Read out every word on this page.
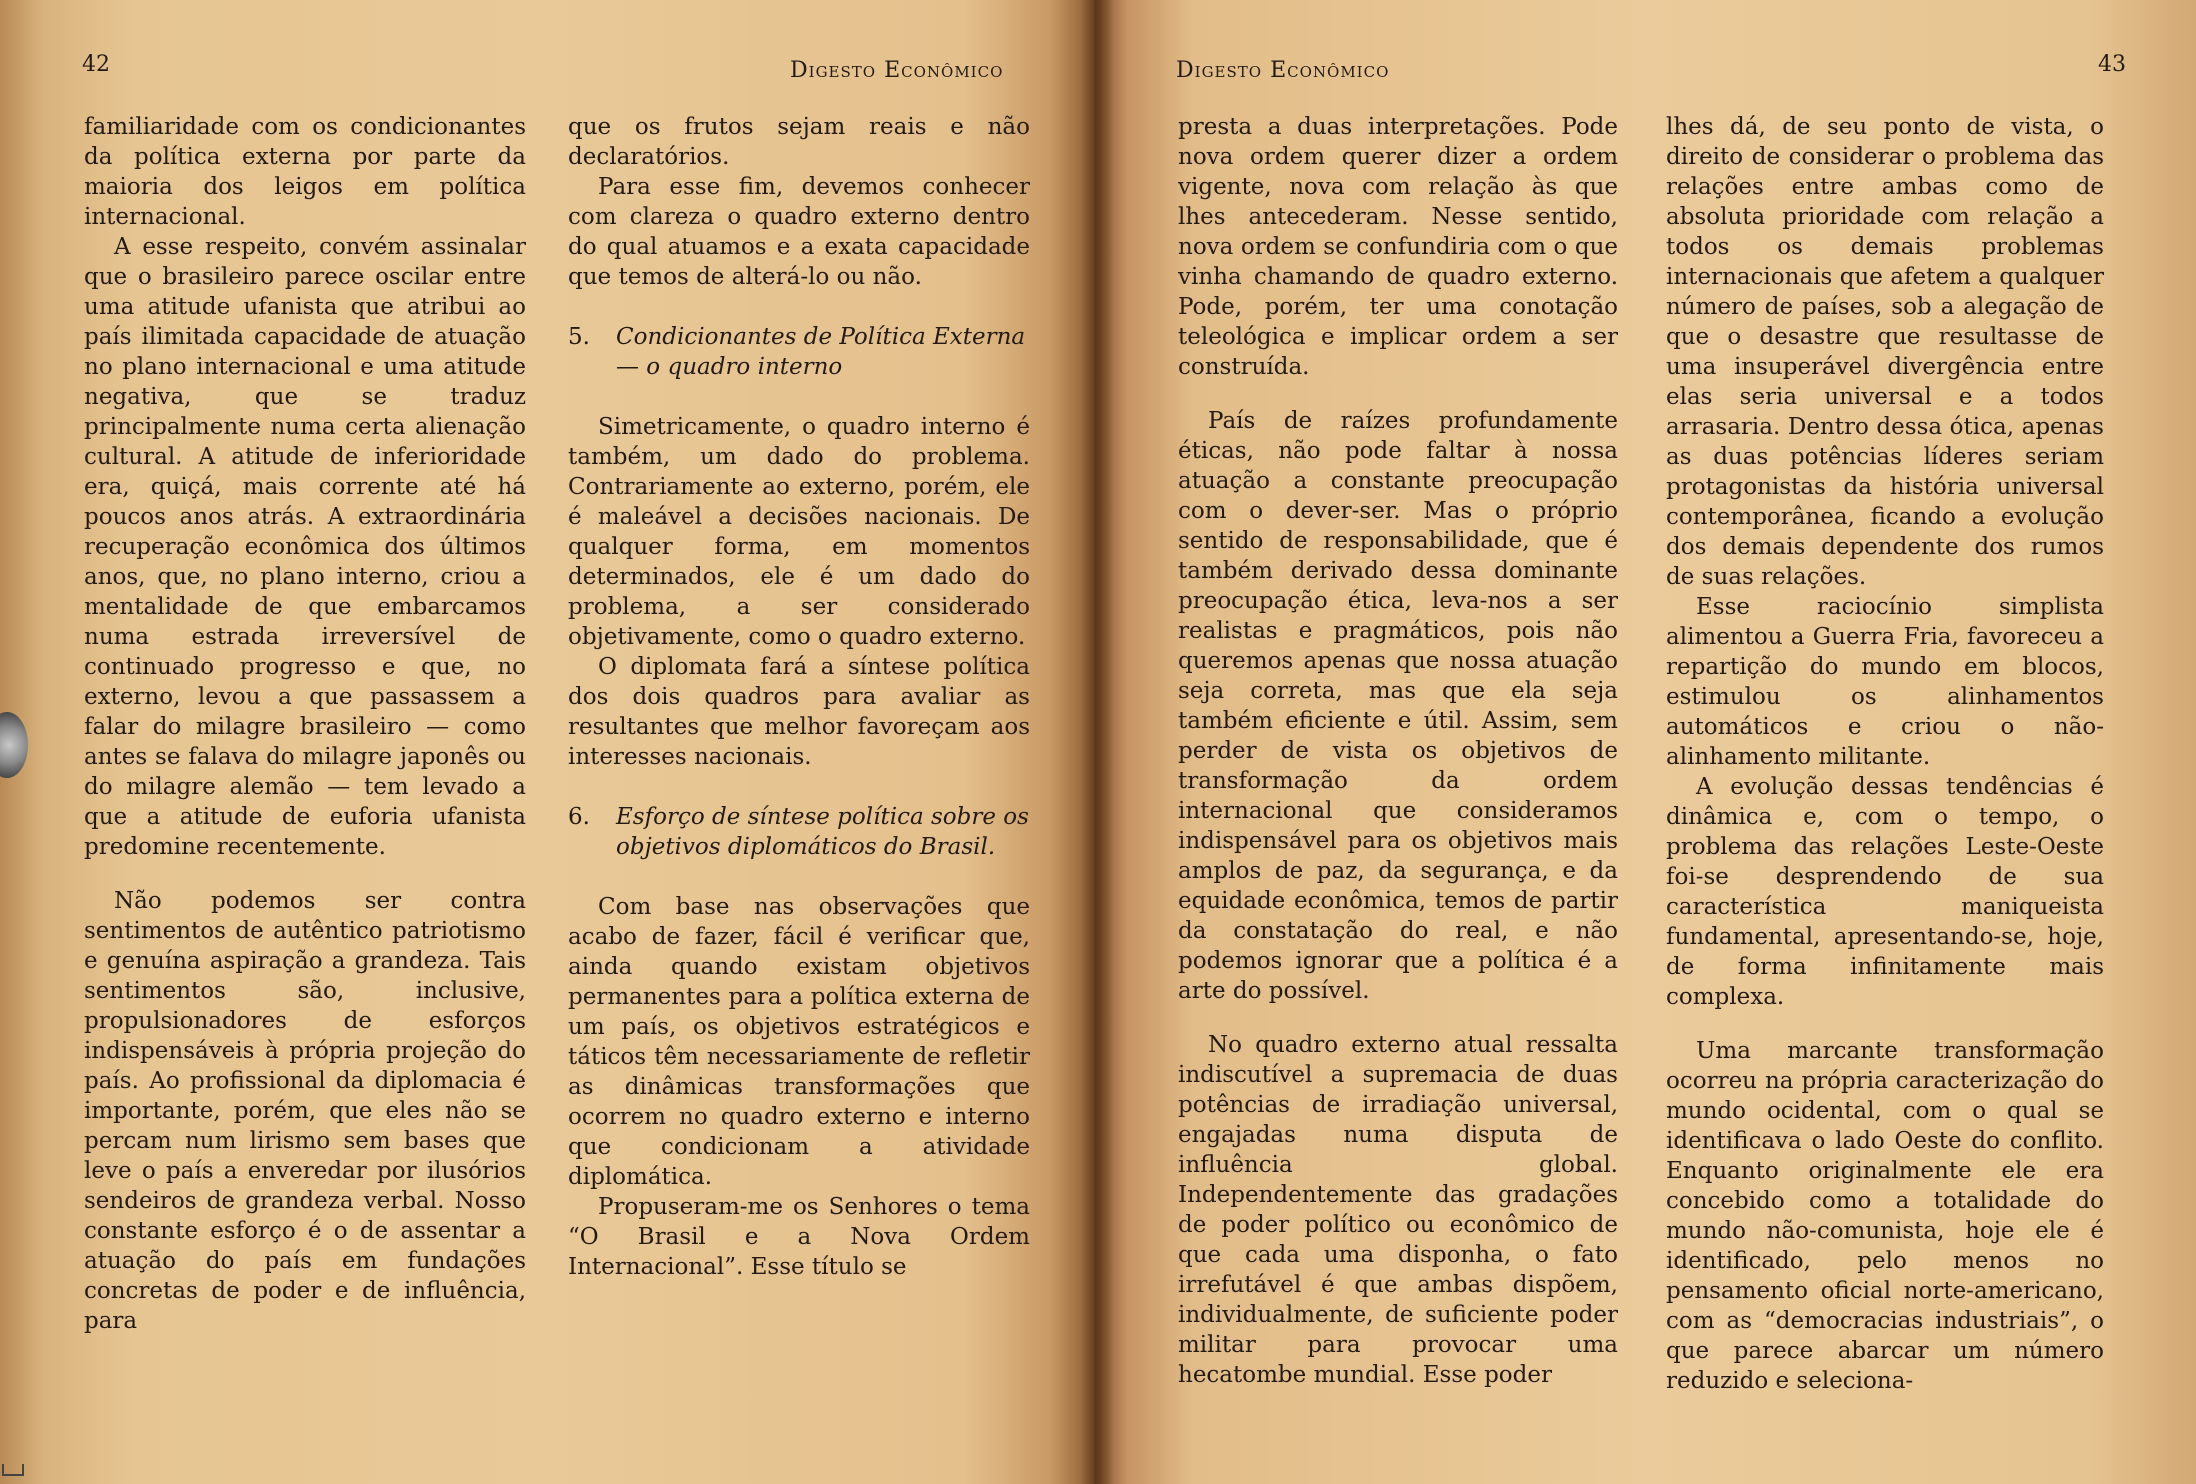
42	Digesto Econômico

familiaridade com os condicionantes da política externa por parte da maioria dos leigos em política internacional.

A esse respeito, convém assinalar que o brasileiro parece oscilar entre uma atitude ufanista que atribui ao país ilimitada capacidade de atuação no plano internacional e uma atitude negativa, que se traduz principalmente numa certa alienação cultural. A atitude de inferioridade era, quiçá, mais corrente até há poucos anos atrás. A extraordinária recuperação econômica dos últimos anos, que, no plano interno, criou a mentalidade de que embarcamos numa estrada irreversível de continuado progresso e que, no externo, levou a que passassem a falar do milagre brasileiro — como antes se falava do milagre japonês ou do milagre alemão — tem levado a que a atitude de euforia ufanista predomine recentemente.

Não podemos ser contra sentimentos de autêntico patriotismo e genuína aspiração a grandeza. Tais sentimentos são, inclusive, propulsionadores de esforços indispensáveis à própria projeção do país. Ao profissional da diplomacia é importante, porém, que eles não se percam num lirismo sem bases que leve o país a enveredar por ilusórios sendeiros de grandeza verbal. Nosso constante esforço é o de assentar a atuação do país em fundações concretas de poder e de influência, para

que os frutos sejam reais e não declaratórios.

Para esse fim, devemos conhecer com clareza o quadro externo dentro do qual atuamos e a exata capacidade que temos de alterá-lo ou não.

5. Condicionantes de Política Externa — o quadro interno

Simetricamente, o quadro interno é também, um dado do problema. Contrariamente ao externo, porém, ele é maleável a decisões nacionais. De qualquer forma, em momentos determinados, ele é um dado do problema, a ser considerado objetivamente, como o quadro externo.

O diplomata fará a síntese política dos dois quadros para avaliar as resultantes que melhor favoreçam aos interesses nacionais.

6. Esforço de síntese política sobre os objetivos diplomáticos do Brasil.

Com base nas observações que acabo de fazer, fácil é verificar que, ainda quando existam objetivos permanentes para a política externa de um país, os objetivos estratégicos e táticos têm necessariamente de refletir as dinâmicas transformações que ocorrem no quadro externo e interno que condicionam a atividade diplomática.

Propuseram-me os Senhores o tema “O Brasil e a Nova Ordem Internacional”. Esse título se

43
Digesto Econômico

presta a duas interpretações. Pode nova ordem querer dizer a ordem vigente, nova com relação às que lhes antecederam. Nesse sentido, nova ordem se confundiria com o que vinha chamando de quadro externo. Pode, porém, ter uma conotação teleológica e implicar ordem a ser construída.

País de raízes profundamente éticas, não pode faltar à nossa atuação a constante preocupação com o dever-ser. Mas o próprio sentido de responsabilidade, que é também derivado dessa dominante preocupação ética, leva-nos a ser realistas e pragmáticos, pois não queremos apenas que nossa atuação seja correta, mas que ela seja também eficiente e útil. Assim, sem perder de vista os objetivos de transformação da ordem internacional que consideramos indispensável para os objetivos mais amplos de paz, da segurança, e da equidade econômica, temos de partir da constatação do real, e não podemos ignorar que a política é a arte do possível.

No quadro externo atual ressalta indiscutível a supremacia de duas potências de irradiação universal, engajadas numa disputa de influência global. Independentemente das gradações de poder político ou econômico de que cada uma disponha, o fato irrefutável é que ambas dispõem, individualmente, de suficiente poder militar para provocar uma hecatombe mundial. Esse poder

lhes dá, de seu ponto de vista, o direito de considerar o problema das relações entre ambas como de absoluta prioridade com relação a todos os demais problemas internacionais que afetem a qualquer número de países, sob a alegação de que o desastre que resultasse de uma insuperável divergência entre elas seria universal e a todos arrasaria. Dentro dessa ótica, apenas as duas potências líderes seriam protagonistas da história universal contemporânea, ficando a evolução dos demais dependente dos rumos de suas relações.

Esse raciocínio simplista alimentou a Guerra Fria, favoreceu a repartição do mundo em blocos, estimulou os alinhamentos automáticos e criou o não-alinhamento militante.

A evolução dessas tendências é dinâmica e, com o tempo, o problema das relações Leste-Oeste foi-se desprendendo de sua característica maniqueista fundamental, apresentando-se, hoje, de forma infinitamente mais complexa.

Uma marcante transformação ocorreu na própria caracterização do mundo ocidental, com o qual se identificava o lado Oeste do conflito. Enquanto originalmente ele era concebido como a totalidade do mundo não-comunista, hoje ele é identificado, pelo menos no pensamento oficial norte-americano, com as “democracias industriais”, o que parece abarcar um número reduzido e seleciona-
